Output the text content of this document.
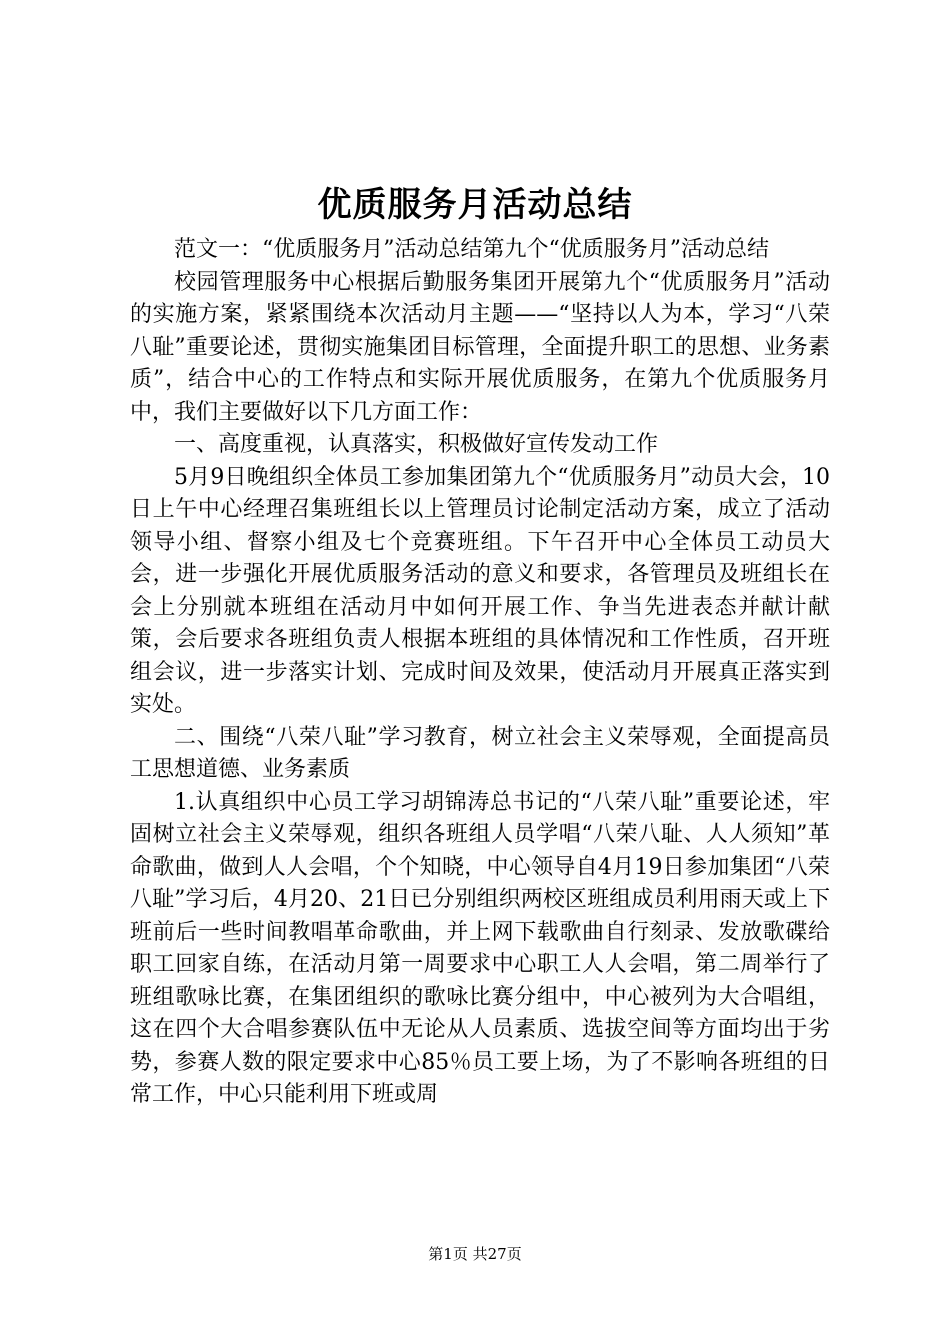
优质服务月活动总结

范文一：“优质服务月”活动总结第九个“优质服务月”活动总结

校园管理服务中心根据后勤服务集团开展第九个“优质服务月”活动的实施方案，紧紧围绕本次活动月主题——“坚持以人为本，学习“八荣八耻”重要论述，贯彻实施集团目标管理，全面提升职工的思想、业务素质”，结合中心的工作特点和实际开展优质服务，在第九个优质服务月中，我们主要做好以下几方面工作：

一、高度重视，认真落实，积极做好宣传发动工作

5月9日晚组织全体员工参加集团第九个“优质服务月”动员大会，10日上午中心经理召集班组长以上管理员讨论制定活动方案，成立了活动领导小组、督察小组及七个竞赛班组。下午召开中心全体员工动员大会，进一步强化开展优质服务活动的意义和要求，各管理员及班组长在会上分别就本班组在活动月中如何开展工作、争当先进表态并献计献策，会后要求各班组负责人根据本班组的具体情况和工作性质，召开班组会议，进一步落实计划、完成时间及效果，使活动月开展真正落实到实处。

二、围绕“八荣八耻”学习教育，树立社会主义荣辱观，全面提高员工思想道德、业务素质

1.认真组织中心员工学习胡锦涛总书记的“八荣八耻”重要论述，牢固树立社会主义荣辱观，组织各班组人员学唱“八荣八耻、人人须知”革命歌曲，做到人人会唱，个个知晓，中心领导自4月19日参加集团“八荣八耻”学习后，4月20、21日已分别组织两校区班组成员利用雨天或上下班前后一些时间教唱革命歌曲，并上网下载歌曲自行刻录、发放歌碟给职工回家自练，在活动月第一周要求中心职工人人会唱，第二周举行了班组歌咏比赛，在集团组织的歌咏比赛分组中，中心被列为大合唱组，这在四个大合唱参赛队伍中无论从人员素质、选拔空间等方面均出于劣势，参赛人数的限定要求中心85％员工要上场，为了不影响各班组的日常工作，中心只能利用下班或周

第1页 共27页
